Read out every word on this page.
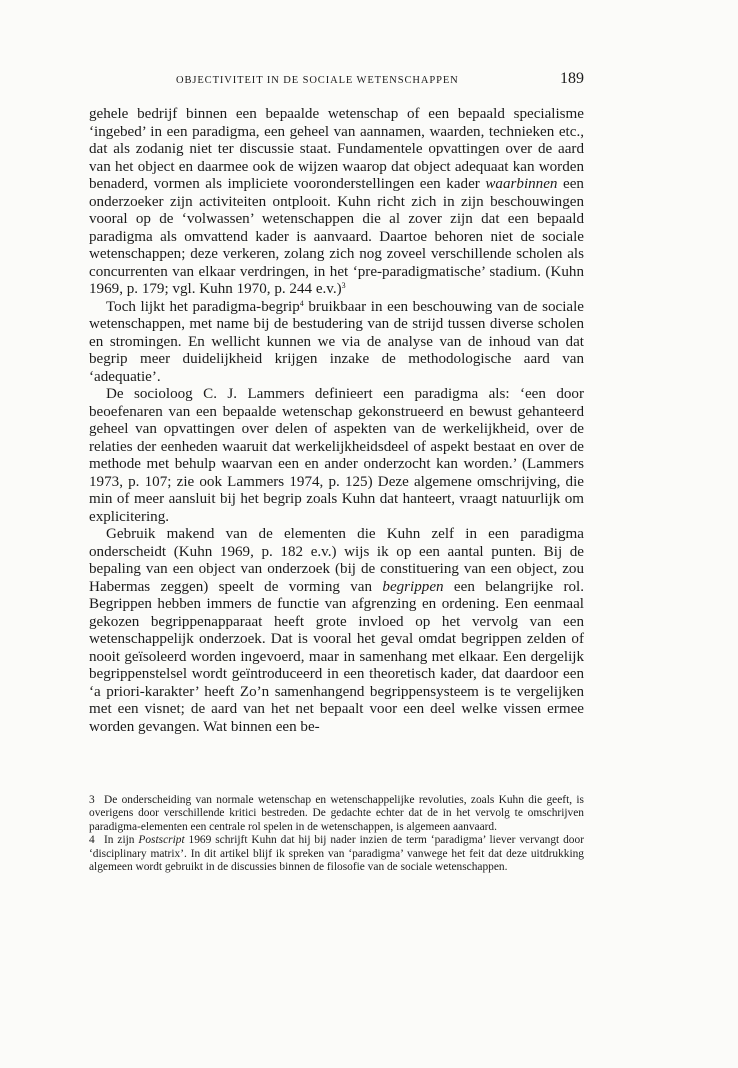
OBJECTIVITEIT IN DE SOCIALE WETENSCHAPPEN	189

gehele bedrijf binnen een bepaalde wetenschap of een bepaald specialisme ‘ingebed’ in een paradigma, een geheel van aannamen, waarden, technieken etc., dat als zodanig niet ter discussie staat. Fundamentele opvattingen over de aard van het object en daarmee ook de wijzen waarop dat object adequaat kan worden benaderd, vormen als impliciete vooronderstellingen een kader waarbinnen een onderzoeker zijn activiteiten ontplooit. Kuhn richt zich in zijn beschouwingen vooral op de ‘volwassen’ wetenschappen die al zover zijn dat een bepaald paradigma als omvattend kader is aanvaard. Daartoe behoren niet de sociale wetenschappen; deze verkeren, zolang zich nog zoveel verschillende scholen als concurrenten van elkaar verdringen, in het ‘pre-paradigmatische’ stadium. (Kuhn 1969, p. 179; vgl. Kuhn 1970, p. 244 e.v.)$^3$

Toch lijkt het paradigma-begrip$^4$ bruikbaar in een beschouwing van de sociale wetenschappen, met name bij de bestudering van de strijd tussen diverse scholen en stromingen. En wellicht kunnen we via de analyse van de inhoud van dat begrip meer duidelijkheid krijgen inzake de methodologische aard van ‘adequatie’.

De socioloog C. J. Lammers definieert een paradigma als: ‘een door beoefenaren van een bepaalde wetenschap gekonstrueerd en bewust gehanteerd geheel van opvattingen over delen of aspekten van de werkelijkheid, over de relaties der eenheden waaruit dat werkelijkheidsdeel of aspekt bestaat en over de methode met behulp waarvan een en ander onderzocht kan worden.’ (Lammers 1973, p. 107; zie ook Lammers 1974, p. 125) Deze algemene omschrijving, die min of meer aansluit bij het begrip zoals Kuhn dat hanteert, vraagt natuurlijk om explicitering.

Gebruik makend van de elementen die Kuhn zelf in een paradigma onderscheidt (Kuhn 1969, p. 182 e.v.) wijs ik op een aantal punten. Bij de bepaling van een object van onderzoek (bij de constituering van een object, zou Habermas zeggen) speelt de vorming van begrippen een belangrijke rol. Begrippen hebben immers de functie van afgrenzing en ordening. Een eenmaal gekozen begrippenapparaat heeft grote invloed op het vervolg van een wetenschappelijk onderzoek. Dat is vooral het geval omdat begrippen zelden of nooit geïsoleerd worden ingevoerd, maar in samenhang met elkaar. Een dergelijk begrippenstelsel wordt geïntroduceerd in een theoretisch kader, dat daardoor een ‘a priori-karakter’ heeft Zo’n samenhangend begrippensysteem is te vergelijken met een visnet; de aard van het net bepaalt voor een deel welke vissen ermee worden gevangen. Wat binnen een be-

3 De onderscheiding van normale wetenschap en wetenschappelijke revoluties, zoals Kuhn die geeft, is overigens door verschillende kritici bestreden. De gedachte echter dat de in het vervolg te omschrijven paradigma-elementen een centrale rol spelen in de wetenschappen, is algemeen aanvaard.

4 In zijn Postscript 1969 schrijft Kuhn dat hij bij nader inzien de term ‘paradigma’ liever vervangt door ‘disciplinary matrix’. In dit artikel blijf ik spreken van ‘paradigma’ vanwege het feit dat deze uitdrukking algemeen wordt gebruikt in de discussies binnen de filosofie van de sociale wetenschappen.
